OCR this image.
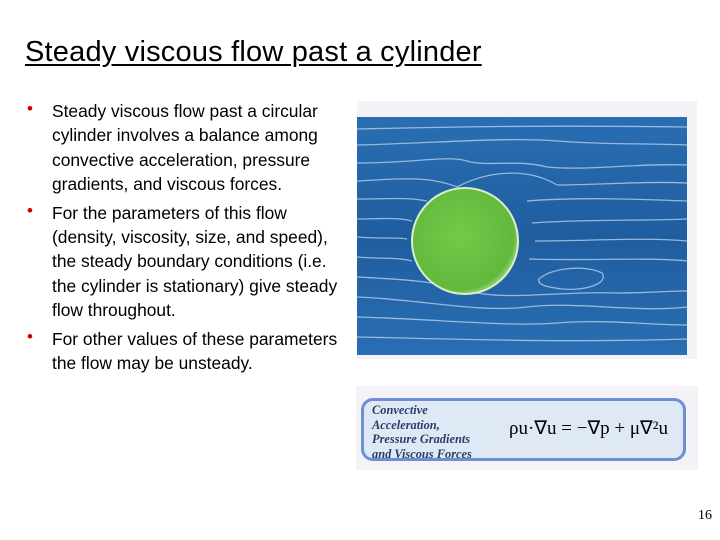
Steady viscous flow past a cylinder
• Steady viscous flow past a circular cylinder involves a balance among convective acceleration, pressure gradients, and viscous forces.
• For the parameters of this flow (density, viscosity, size, and speed), the steady boundary conditions (i.e. the cylinder is stationary) give steady flow throughout.
• For other values of these parameters the flow may be unsteady.
Convective
Acceleration,
Pressure Gradients
and Viscous Forces
ρu·∇u = −∇p + μ∇²u
16
